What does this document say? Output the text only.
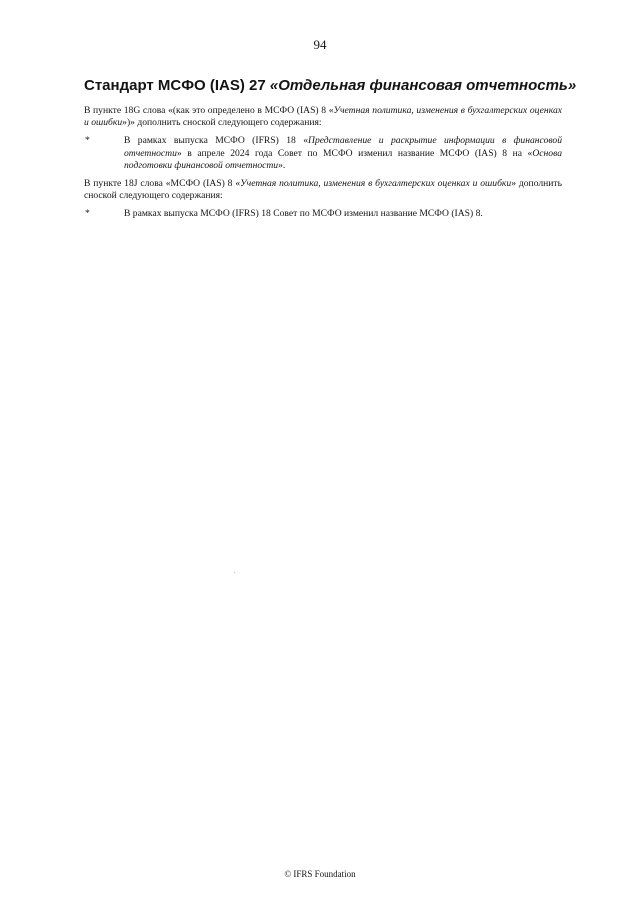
94
Стандарт МСФО (IAS) 27 «Отдельная финансовая отчетность»

В пункте 18G слова «(как это определено в МСФО (IAS) 8 «Учетная политика, изменения в бухгалтерских оценках и ошибки»)» дополнить сноской следующего содержания:

*	В рамках выпуска МСФО (IFRS) 18 «Представление и раскрытие информации в финансовой отчетности» в апреле 2024 года Совет по МСФО изменил название МСФО (IAS) 8 на «Основа подготовки финансовой отчетности».

В пункте 18J слова «МСФО (IAS) 8 «Учетная политика, изменения в бухгалтерских оценках и ошибки» дополнить сноской следующего содержания:

*	В рамках выпуска МСФО (IFRS) 18 Совет по МСФО изменил название МСФО (IAS) 8.
© IFRS Foundation
